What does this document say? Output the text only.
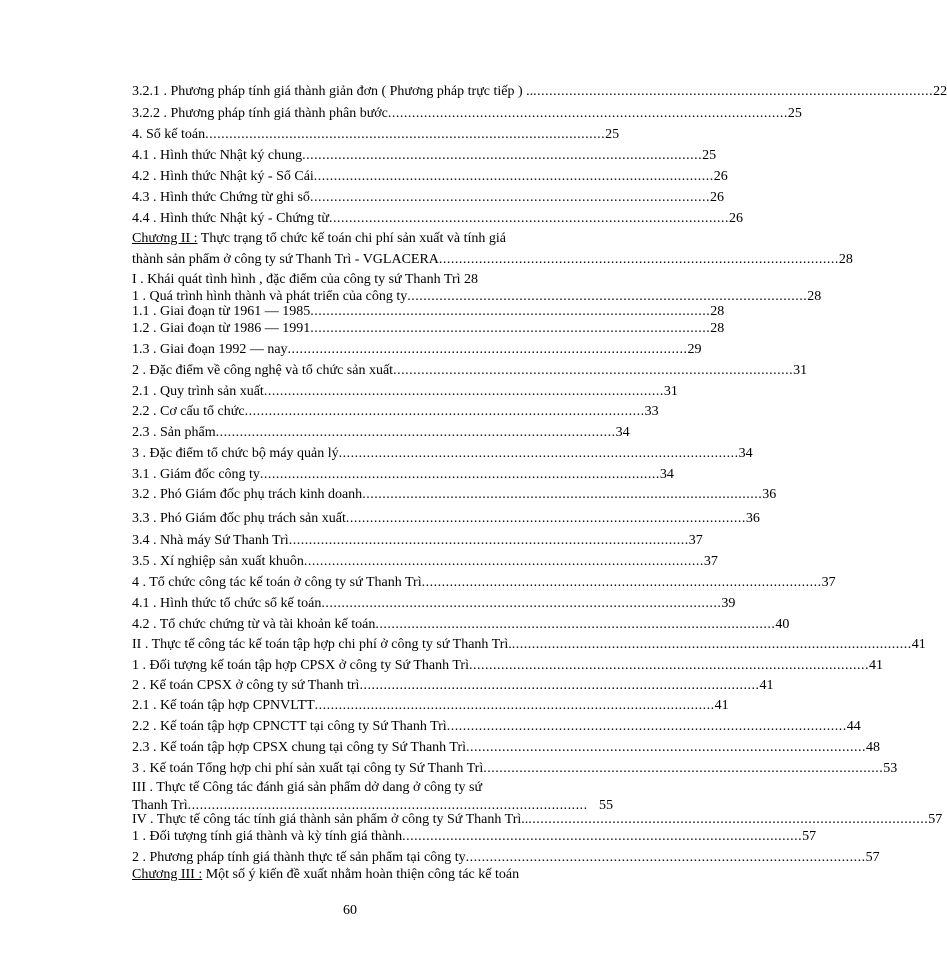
3.2.1 . Phương pháp tính giá thành giản đơn ( Phương pháp trực tiếp ) .. .................................................................................................... 22
3.2.2 . Phương pháp tính giá thành phân bước .................................................................................................... 25
4. Sổ kế toán .................................................................................................... 25
4.1 . Hình thức Nhật ký chung .................................................................................................... 25
4.2 . Hình thức Nhật ký - Sổ Cái .................................................................................................... 26
4.3 . Hình thức Chứng từ ghi sổ .................................................................................................... 26
4.4 . Hình thức Nhật ký - Chứng từ .................................................................................................... 26
Chương II : Thực trạng tổ chức kế toán chi phí sản xuất và tính giá
thành sản phẩm ở công ty sứ Thanh Trì - VGLACERA .................................................................................................... 28
I . Khái quát tình hình , đặc điểm của công ty sứ Thanh Trì 28
1 . Quá trình hình thành và phát triển của công ty .................................................................................................... 28
1.1 . Giai đoạn từ 1961 — 1985 .................................................................................................... 28
1.2 . Giai đoạn từ 1986 — 1991 .................................................................................................... 28
1.3 . Giai đoạn 1992 — nay .................................................................................................... 29
2 . Đặc điểm về công nghệ và tổ chức sản xuất .................................................................................................... 31
2.1 . Quy trình sản xuất .................................................................................................... 31
2.2 . Cơ cấu tổ chức .................................................................................................... 33
2.3 . Sản phẩm .................................................................................................... 34
3 . Đặc điểm tổ chức bộ máy quản lý .................................................................................................... 34
3.1 . Giám đốc công ty .................................................................................................... 34
3.2 . Phó Giám đốc phụ trách kinh doanh .................................................................................................... 36
3.3 . Phó Giám đốc phụ trách sản xuất .................................................................................................... 36
3.4 . Nhà máy Sứ Thanh Trì .................................................................................................... 37
3.5 . Xí nghiệp sản xuất khuôn .................................................................................................... 37
4 . Tổ chức công tác kế toán ở công ty sứ Thanh Trì .................................................................................................... 37
4.1 . Hình thức tổ chức sổ kế toán .................................................................................................... 39
4.2 . Tổ chức chứng từ và tài khoản kế toán .................................................................................................... 40
II . Thực tế công tác kế toán tập hợp chi phí ở công ty sứ Thanh Trì. .................................................................................................... 41
1 . Đối tượng kế toán tập hợp CPSX ở công ty Sứ Thanh Trì .................................................................................................... 41
2 . Kế toán CPSX ở công ty sứ Thanh trì .................................................................................................... 41
2.1 . Kế toán tập hợp CPNVLTT .................................................................................................... 41
2.2 . Kế toán tập hợp CPNCTT tại công ty Sứ Thanh Trì .................................................................................................... 44
2.3 . Kế toán tập hợp CPSX chung tại công ty Sứ Thanh Trì .................................................................................................... 48
3 . Kế toán Tổng hợp chi phí sản xuất tại công ty Sứ Thanh Trì .................................................................................................... 53
III . Thực tế Công tác đánh giá sản phẩm dở dang ở công ty sứ
Thanh Trì .................................................................................................... 55
IV . Thực tế công tác tính giá thành sản phẩm ở công ty Sứ Thanh Trì.. .................................................................................................... 57
1 . Đối tượng tính giá thành và kỳ tính giá thành .................................................................................................... 57
2 . Phương pháp tính giá thành thực tế sản phẩm tại công ty .................................................................................................... 57
Chương III : Một số ý kiến đề xuất nhằm hoàn thiện công tác kế toán
60
